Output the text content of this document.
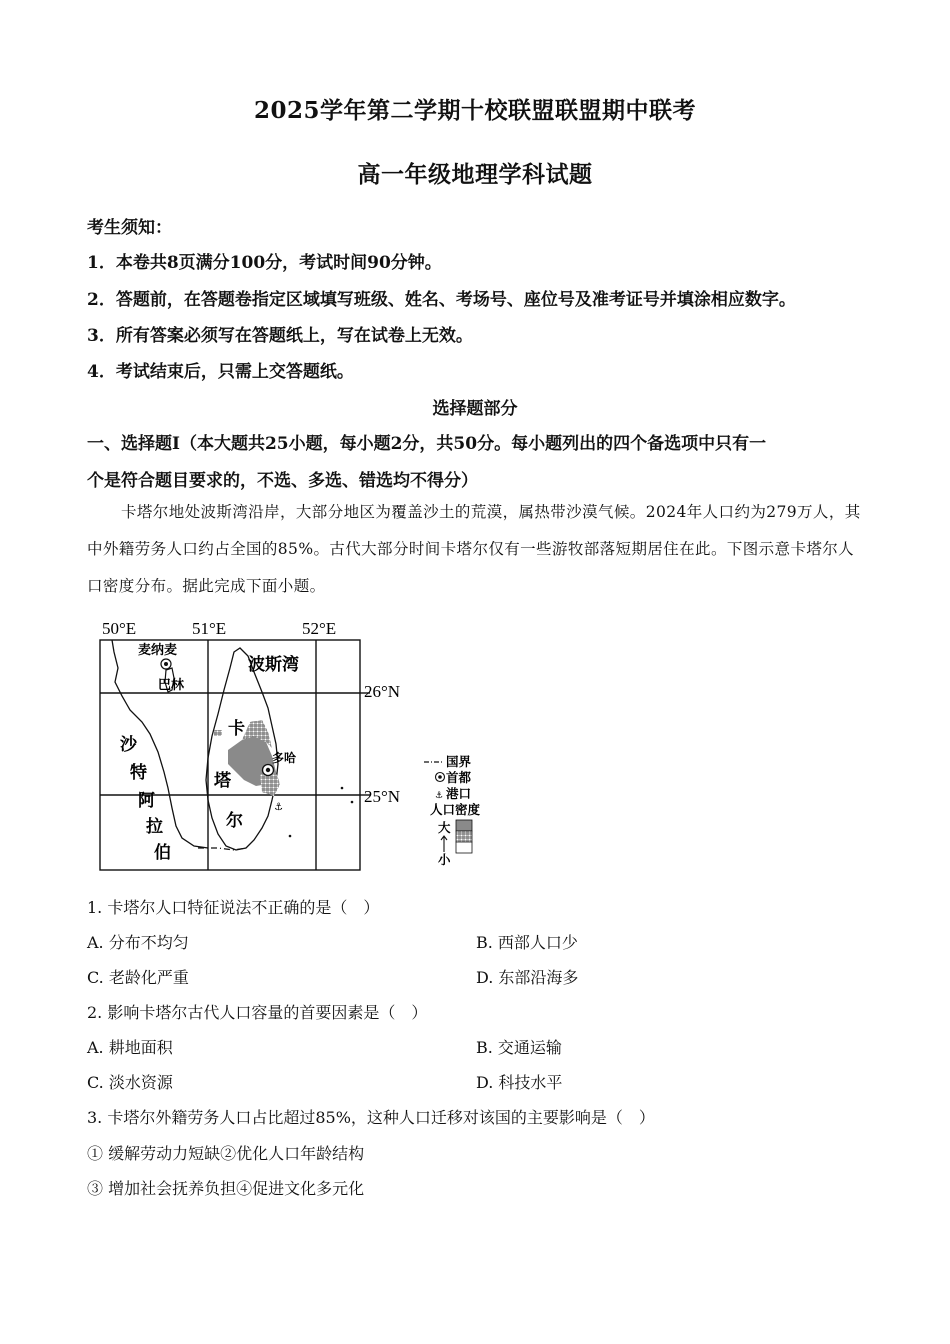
2025学年第二学期十校联盟联盟期中联考
高一年级地理学科试题
考生须知：
1．本卷共8页满分100分，考试时间90分钟。
2．答题前，在答题卷指定区域填写班级、姓名、考场号、座位号及准考证号并填涂相应数字。
3．所有答案必须写在答题纸上，写在试卷上无效。
4．考试结束后，只需上交答题纸。
选择题部分
一、选择题Ⅰ（本大题共25小题，每小题2分，共50分。每小题列出的四个备选项中只有一
个是符合题目要求的，不选、多选、错选均不得分）
卡塔尔地处波斯湾沿岸，大部分地区为覆盖沙土的荒漠，属热带沙漠气候。2024年人口约为279万人，其中外籍劳务人口约占全国的85%。古代大部分时间卡塔尔仅有一些游牧部落短期居住在此。下图示意卡塔尔人口密度分布。据此完成下面小题。
50°E	51°E	52°E
26°N
25°N
⚓
麦纳麦
巴林
波斯湾
沙
特
阿
拉
伯
卡
塔
尔
多哈	国界
首都
⚓ 港口
人口密度
大
小
1. 卡塔尔人口特征说法不正确的是（　）
A. 分布不均匀	B. 西部人口少
C. 老龄化严重	D. 东部沿海多
2. 影响卡塔尔古代人口容量的首要因素是（　）
A. 耕地面积	B. 交通运输
C. 淡水资源	D. 科技水平
3. 卡塔尔外籍劳务人口占比超过85%，这种人口迁移对该国的主要影响是（　）
① 缓解劳动力短缺②优化人口年龄结构
③ 增加社会抚养负担④促进文化多元化
